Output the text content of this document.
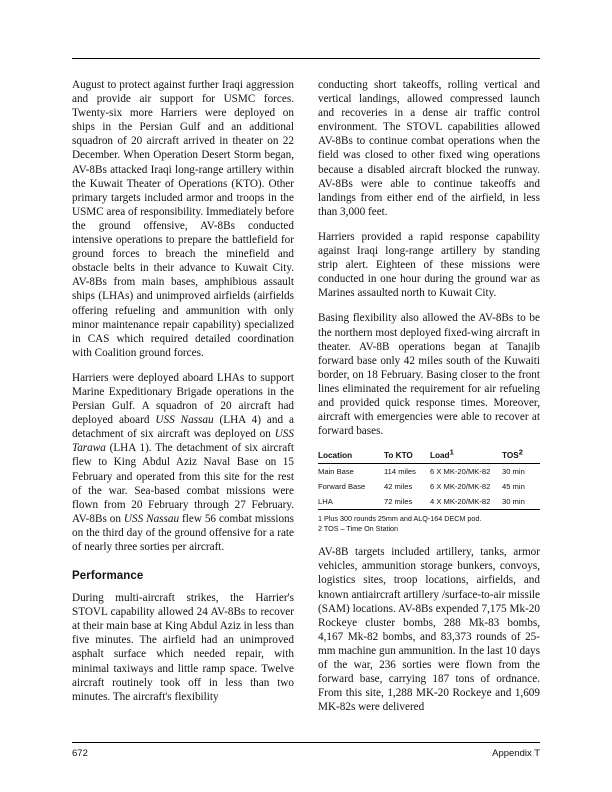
August to protect against further Iraqi aggression and provide air support for USMC forces. Twenty-six more Harriers were deployed on ships in the Persian Gulf and an additional squadron of 20 aircraft arrived in theater on 22 December. When Operation Desert Storm began, AV-8Bs attacked Iraqi long-range artillery within the Kuwait Theater of Operations (KTO). Other primary targets included armor and troops in the USMC area of responsibility. Immediately before the ground offensive, AV-8Bs conducted intensive operations to prepare the battlefield for ground forces to breach the minefield and obstacle belts in their advance to Kuwait City. AV-8Bs from main bases, amphibious assault ships (LHAs) and unimproved airfields (airfields offering refueling and ammunition with only minor maintenance repair capability) specialized in CAS which required detailed coordination with Coalition ground forces.

Harriers were deployed aboard LHAs to support Marine Expeditionary Brigade operations in the Persian Gulf. A squadron of 20 aircraft had deployed aboard USS Nassau (LHA 4) and a detachment of six aircraft was deployed on USS Tarawa (LHA 1). The detachment of six aircraft flew to King Abdul Aziz Naval Base on 15 February and operated from this site for the rest of the war. Sea-based combat missions were flown from 20 February through 27 February. AV-8Bs on USS Nassau flew 56 combat missions on the third day of the ground offensive for a rate of nearly three sorties per aircraft.

Performance

During multi-aircraft strikes, the Harrier's STOVL capability allowed 24 AV-8Bs to recover at their main base at King Abdul Aziz in less than five minutes. The airfield had an unimproved asphalt surface which needed repair, with minimal taxiways and little ramp space. Twelve aircraft routinely took off in less than two minutes. The aircraft's flexibility

conducting short takeoffs, rolling vertical and vertical landings, allowed compressed launch and recoveries in a dense air traffic control environment. The STOVL capabilities allowed AV-8Bs to continue combat operations when the field was closed to other fixed wing operations because a disabled aircraft blocked the runway. AV-8Bs were able to continue takeoffs and landings from either end of the airfield, in less than 3,000 feet.

Harriers provided a rapid response capability against Iraqi long-range artillery by standing strip alert. Eighteen of these missions were conducted in one hour during the ground war as Marines assaulted north to Kuwait City.

Basing flexibility also allowed the AV-8Bs to be the northern most deployed fixed-wing aircraft in theater. AV-8B operations began at Tanajib forward base only 42 miles south of the Kuwaiti border, on 18 February. Basing closer to the front lines eliminated the requirement for air refueling and provided quick response times. Moreover, aircraft with emergencies were able to recover at forward bases.

Location	To KTO	Load1	TOS2
Main Base	114 miles	6 X MK-20/MK-82	30 min
Forward Base	42 miles	6 X MK-20/MK-82	45 min
LHA	72 miles	4 X MK-20/MK-82	30 min
1 Plus 300 rounds 25mm and ALQ-164 DECM pod.
2 TOS – Time On Station

AV-8B targets included artillery, tanks, armor vehicles, ammunition storage bunkers, convoys, logistics sites, troop locations, airfields, and known antiaircraft artillery /surface-to-air missile (SAM) locations. AV-8Bs expended 7,175 Mk-20 Rockeye cluster bombs, 288 Mk-83 bombs, 4,167 Mk-82 bombs, and 83,373 rounds of 25-mm machine gun ammunition. In the last 10 days of the war, 236 sorties were flown from the forward base, carrying 187 tons of ordnance. From this site, 1,288 MK-20 Rockeye and 1,609 MK-82s were delivered

672	Appendix T
